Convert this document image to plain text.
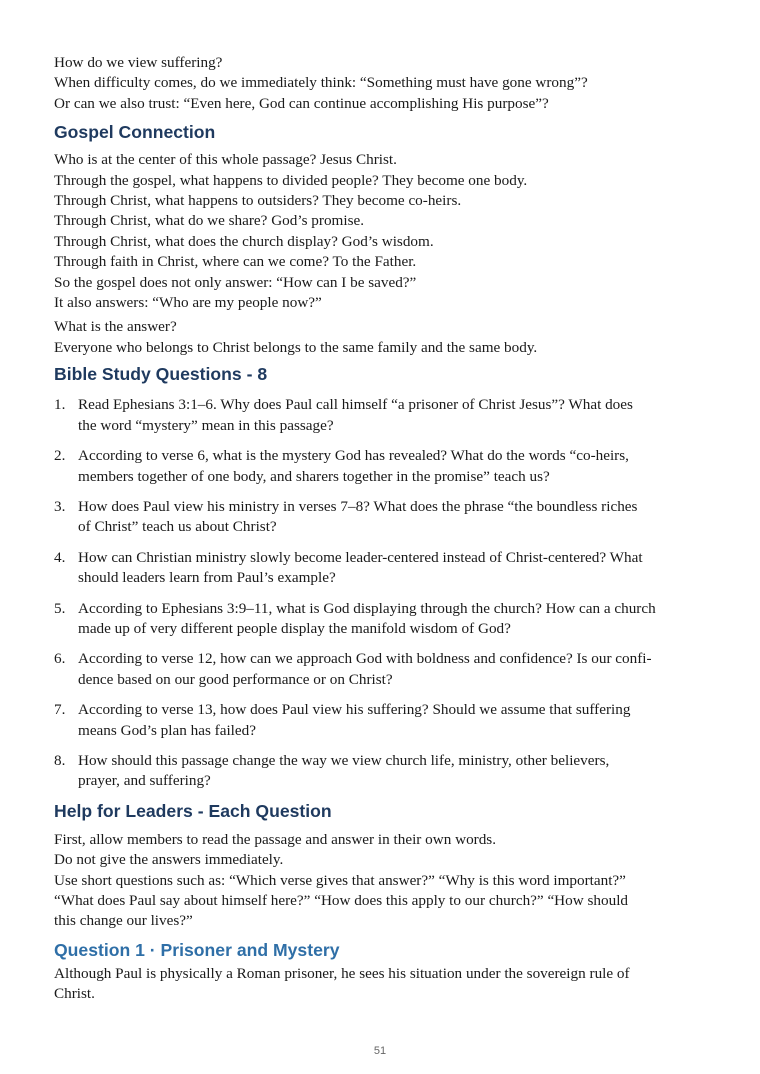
How do we view suffering?

When difficulty comes, do we immediately think: “Something must have gone wrong”?

Or can we also trust: “Even here, God can continue accomplishing His purpose”?

Gospel Connection

Who is at the center of this whole passage? Jesus Christ.

Through the gospel, what happens to divided people? They become one body.

Through Christ, what happens to outsiders? They become co-heirs.

Through Christ, what do we share? God’s promise.

Through Christ, what does the church display? God’s wisdom.

Through faith in Christ, where can we come? To the Father.

So the gospel does not only answer: “How can I be saved?”

It also answers: “Who are my people now?”

What is the answer?

Everyone who belongs to Christ belongs to the same family and the same body.

Bible Study Questions - 8
1. Read Ephesians 3:1–6. Why does Paul call himself “a prisoner of Christ Jesus”? What does
the word “mystery” mean in this passage?
2. According to verse 6, what is the mystery God has revealed? What do the words “co-heirs,
members together of one body, and sharers together in the promise” teach us?
3. How does Paul view his ministry in verses 7–8? What does the phrase “the boundless riches
of Christ” teach us about Christ?
4. How can Christian ministry slowly become leader-centered instead of Christ-centered? What
should leaders learn from Paul’s example?
5. According to Ephesians 3:9–11, what is God displaying through the church? How can a church
made up of very different people display the manifold wisdom of God?
6. According to verse 12, how can we approach God with boldness and confidence? Is our confi-
dence based on our good performance or on Christ?
7. According to verse 13, how does Paul view his suffering? Should we assume that suffering
means God’s plan has failed?
8. How should this passage change the way we view church life, ministry, other believers,
prayer, and suffering?
Help for Leaders - Each Question

First, allow members to read the passage and answer in their own words.

Do not give the answers immediately.

Use short questions such as: “Which verse gives that answer?” “Why is this word important?”

“What does Paul say about himself here?” “How does this apply to our church?” “How should

this change our lives?”

Question 1 · Prisoner and Mystery

Although Paul is physically a Roman prisoner, he sees his situation under the sovereign rule of

Christ.

51
